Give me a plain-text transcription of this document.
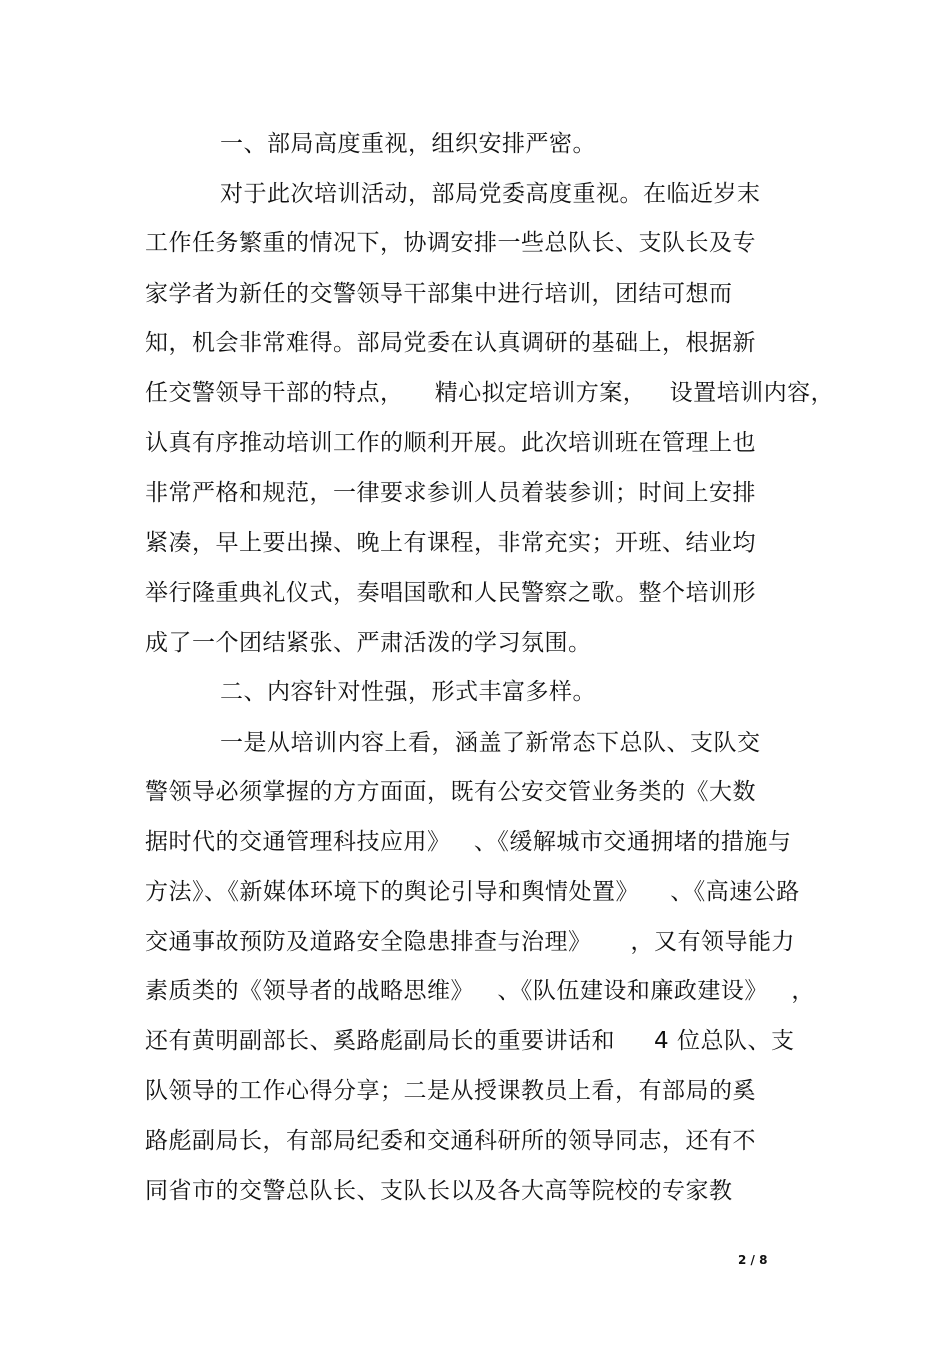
一、部局高度重视，组织安排严密。
对于此次培训活动，部局党委高度重视。在临近岁末
工作任务繁重的情况下，协调安排一些总队长、支队长及专
家学者为新任的交警领导干部集中进行培训，团结可想而
知，机会非常难得。部局党委在认真调研的基础上，根据新
任交警领导干部的特点，    精心拟定培训方案，   设置培训内容，
认真有序推动培训工作的顺利开展。此次培训班在管理上也
非常严格和规范，一律要求参训人员着装参训；时间上安排
紧凑，早上要出操、晚上有课程，非常充实；开班、结业均
举行隆重典礼仪式，奏唱国歌和人民警察之歌。整个培训形
成了一个团结紧张、严肃活泼的学习氛围。
二、内容针对性强，形式丰富多样。
一是从培训内容上看，涵盖了新常态下总队、支队交
警领导必须掌握的方方面面，既有公安交管业务类的《大数
据时代的交通管理科技应用》   、《缓解城市交通拥堵的措施与
方法》、《新媒体环境下的舆论引导和舆情处置》    、《高速公路
交通事故预防及道路安全隐患排查与治理》     ，又有领导能力
素质类的《领导者的战略思维》   、《队伍建设和廉政建设》   ，
还有黄明副部长、奚路彪副局长的重要讲话和     4 位总队、支
队领导的工作心得分享；二是从授课教员上看，有部局的奚
路彪副局长，有部局纪委和交通科研所的领导同志，还有不
同省市的交警总队长、支队长以及各大高等院校的专家教
2 / 8
